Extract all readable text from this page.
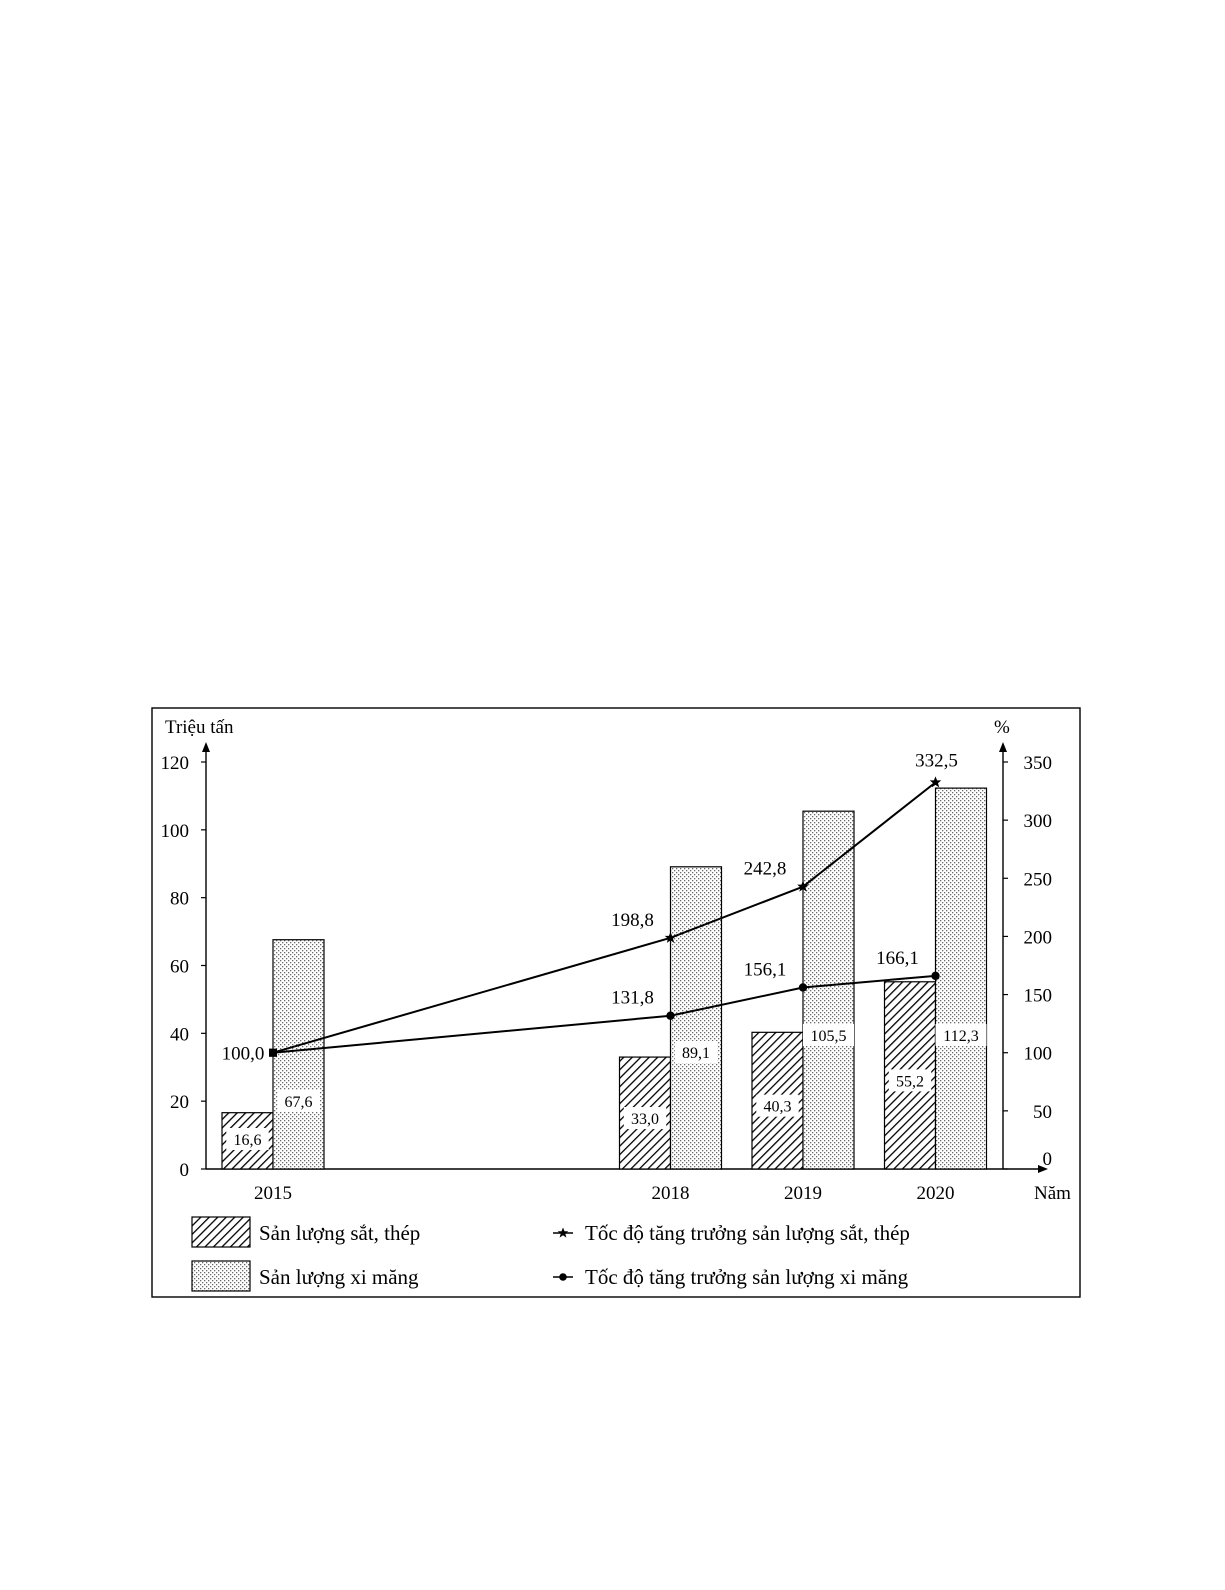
Triệu tấn	%
Năm
0
20
40
60
80
100
120
0
50
100
150
200
250
300
350
2015	2018	2019	2020
16,6
67,6
33,0
89,1
40,3
105,5
55,2
112,3
100,0
198,8
242,8
332,5
131,8
156,1
166,1
Sản lượng sắt, thép
Sản lượng xi măng
Tốc độ tăng trưởng sản lượng sắt, thép
Tốc độ tăng trưởng sản lượng xi măng
